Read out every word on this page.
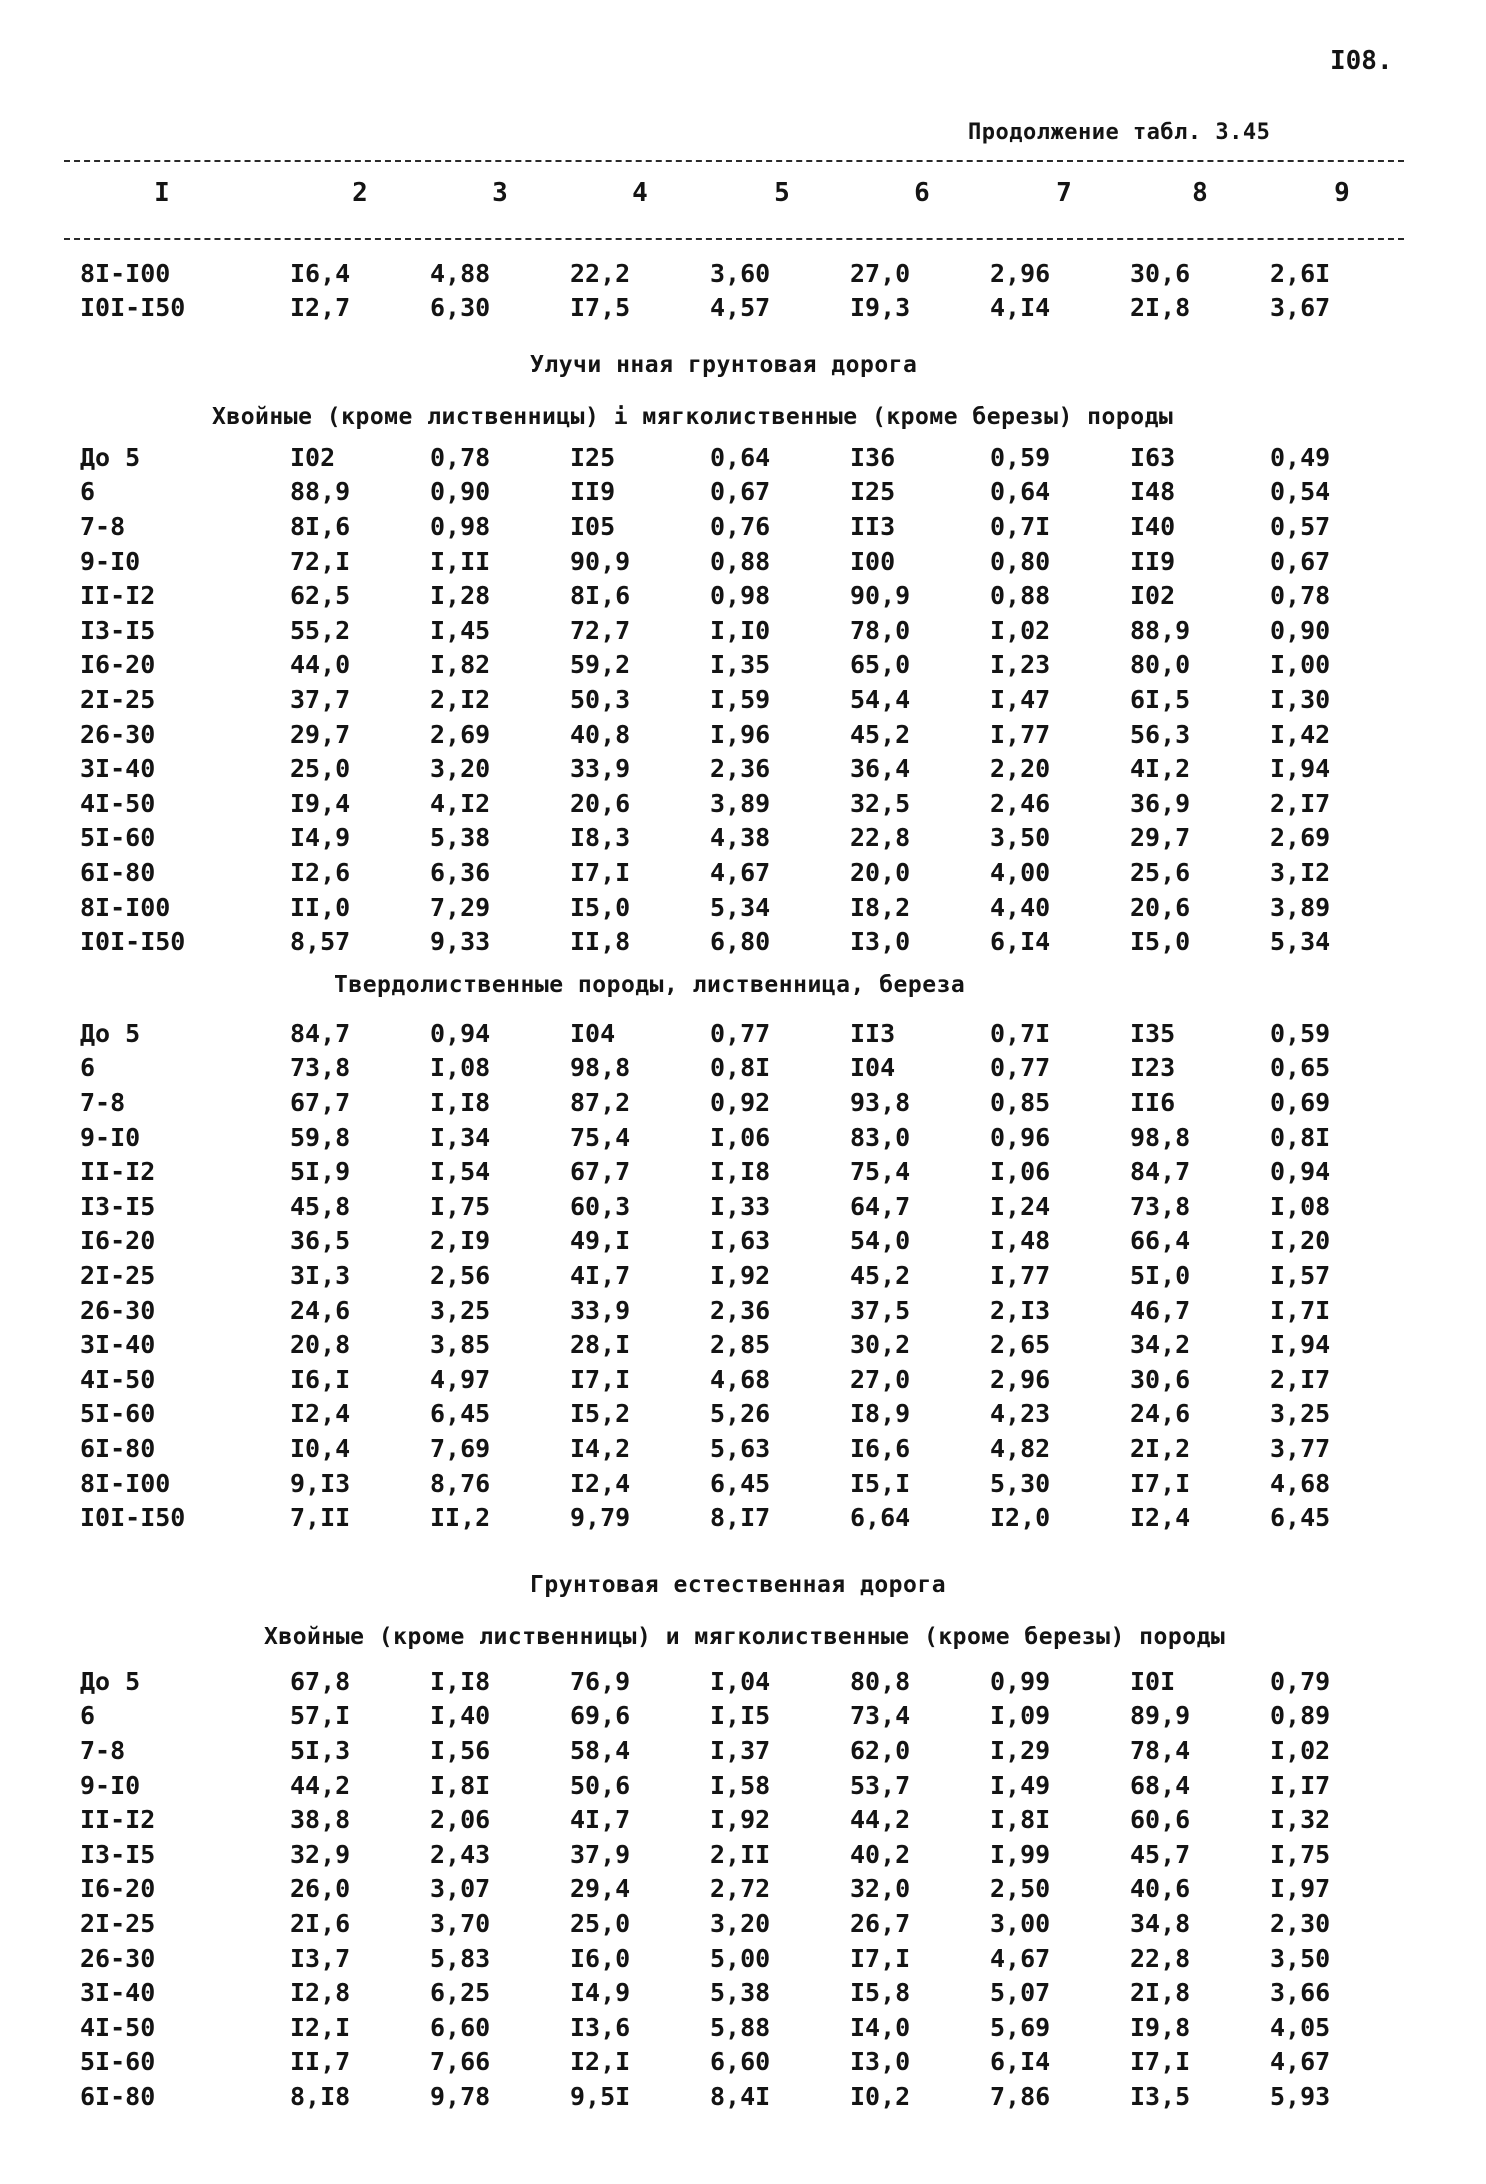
I08.
Продолжение табл. 3.45
I	2	3	4	5	6	7	8	9
8I-I00	I6,4	4,88	22,2	3,60	27,0	2,96	30,6	2,6I
I0I-I50	I2,7	6,30	I7,5	4,57	I9,3	4,I4	2I,8	3,67
Улучи нная грунтовая дорога
Хвойные (кроме лиственницы) і мягколиственные (кроме березы) породы
До 5	I02	0,78	I25	0,64	I36	0,59	I63	0,49
6	88,9	0,90	II9	0,67	I25	0,64	I48	0,54
7-8	8I,6	0,98	I05	0,76	II3	0,7I	I40	0,57
9-I0	72,I	I,II	90,9	0,88	I00	0,80	II9	0,67
II-I2	62,5	I,28	8I,6	0,98	90,9	0,88	I02	0,78
I3-I5	55,2	I,45	72,7	I,I0	78,0	I,02	88,9	0,90
I6-20	44,0	I,82	59,2	I,35	65,0	I,23	80,0	I,00
2I-25	37,7	2,I2	50,3	I,59	54,4	I,47	6I,5	I,30
26-30	29,7	2,69	40,8	I,96	45,2	I,77	56,3	I,42
3I-40	25,0	3,20	33,9	2,36	36,4	2,20	4I,2	I,94
4I-50	I9,4	4,I2	20,6	3,89	32,5	2,46	36,9	2,I7
5I-60	I4,9	5,38	I8,3	4,38	22,8	3,50	29,7	2,69
6I-80	I2,6	6,36	I7,I	4,67	20,0	4,00	25,6	3,I2
8I-I00	II,0	7,29	I5,0	5,34	I8,2	4,40	20,6	3,89
I0I-I50	8,57	9,33	II,8	6,80	I3,0	6,I4	I5,0	5,34
Твердолиственные породы, лиственница, береза
До 5	84,7	0,94	I04	0,77	II3	0,7I	I35	0,59
6	73,8	I,08	98,8	0,8I	I04	0,77	I23	0,65
7-8	67,7	I,I8	87,2	0,92	93,8	0,85	II6	0,69
9-I0	59,8	I,34	75,4	I,06	83,0	0,96	98,8	0,8I
II-I2	5I,9	I,54	67,7	I,I8	75,4	I,06	84,7	0,94
I3-I5	45,8	I,75	60,3	I,33	64,7	I,24	73,8	I,08
I6-20	36,5	2,I9	49,I	I,63	54,0	I,48	66,4	I,20
2I-25	3I,3	2,56	4I,7	I,92	45,2	I,77	5I,0	I,57
26-30	24,6	3,25	33,9	2,36	37,5	2,I3	46,7	I,7I
3I-40	20,8	3,85	28,I	2,85	30,2	2,65	34,2	I,94
4I-50	I6,I	4,97	I7,I	4,68	27,0	2,96	30,6	2,I7
5I-60	I2,4	6,45	I5,2	5,26	I8,9	4,23	24,6	3,25
6I-80	I0,4	7,69	I4,2	5,63	I6,6	4,82	2I,2	3,77
8I-I00	9,I3	8,76	I2,4	6,45	I5,I	5,30	I7,I	4,68
I0I-I50	7,II	II,2	9,79	8,I7	6,64	I2,0	I2,4	6,45
Грунтовая естественная дорога
Хвойные (кроме лиственницы) и мягколиственные (кроме березы) породы
До 5	67,8	I,I8	76,9	I,04	80,8	0,99	I0I	0,79
6	57,I	I,40	69,6	I,I5	73,4	I,09	89,9	0,89
7-8	5I,3	I,56	58,4	I,37	62,0	I,29	78,4	I,02
9-I0	44,2	I,8I	50,6	I,58	53,7	I,49	68,4	I,I7
II-I2	38,8	2,06	4I,7	I,92	44,2	I,8I	60,6	I,32
I3-I5	32,9	2,43	37,9	2,II	40,2	I,99	45,7	I,75
I6-20	26,0	3,07	29,4	2,72	32,0	2,50	40,6	I,97
2I-25	2I,6	3,70	25,0	3,20	26,7	3,00	34,8	2,30
26-30	I3,7	5,83	I6,0	5,00	I7,I	4,67	22,8	3,50
3I-40	I2,8	6,25	I4,9	5,38	I5,8	5,07	2I,8	3,66
4I-50	I2,I	6,60	I3,6	5,88	I4,0	5,69	I9,8	4,05
5I-60	II,7	7,66	I2,I	6,60	I3,0	6,I4	I7,I	4,67
6I-80	8,I8	9,78	9,5I	8,4I	I0,2	7,86	I3,5	5,93
